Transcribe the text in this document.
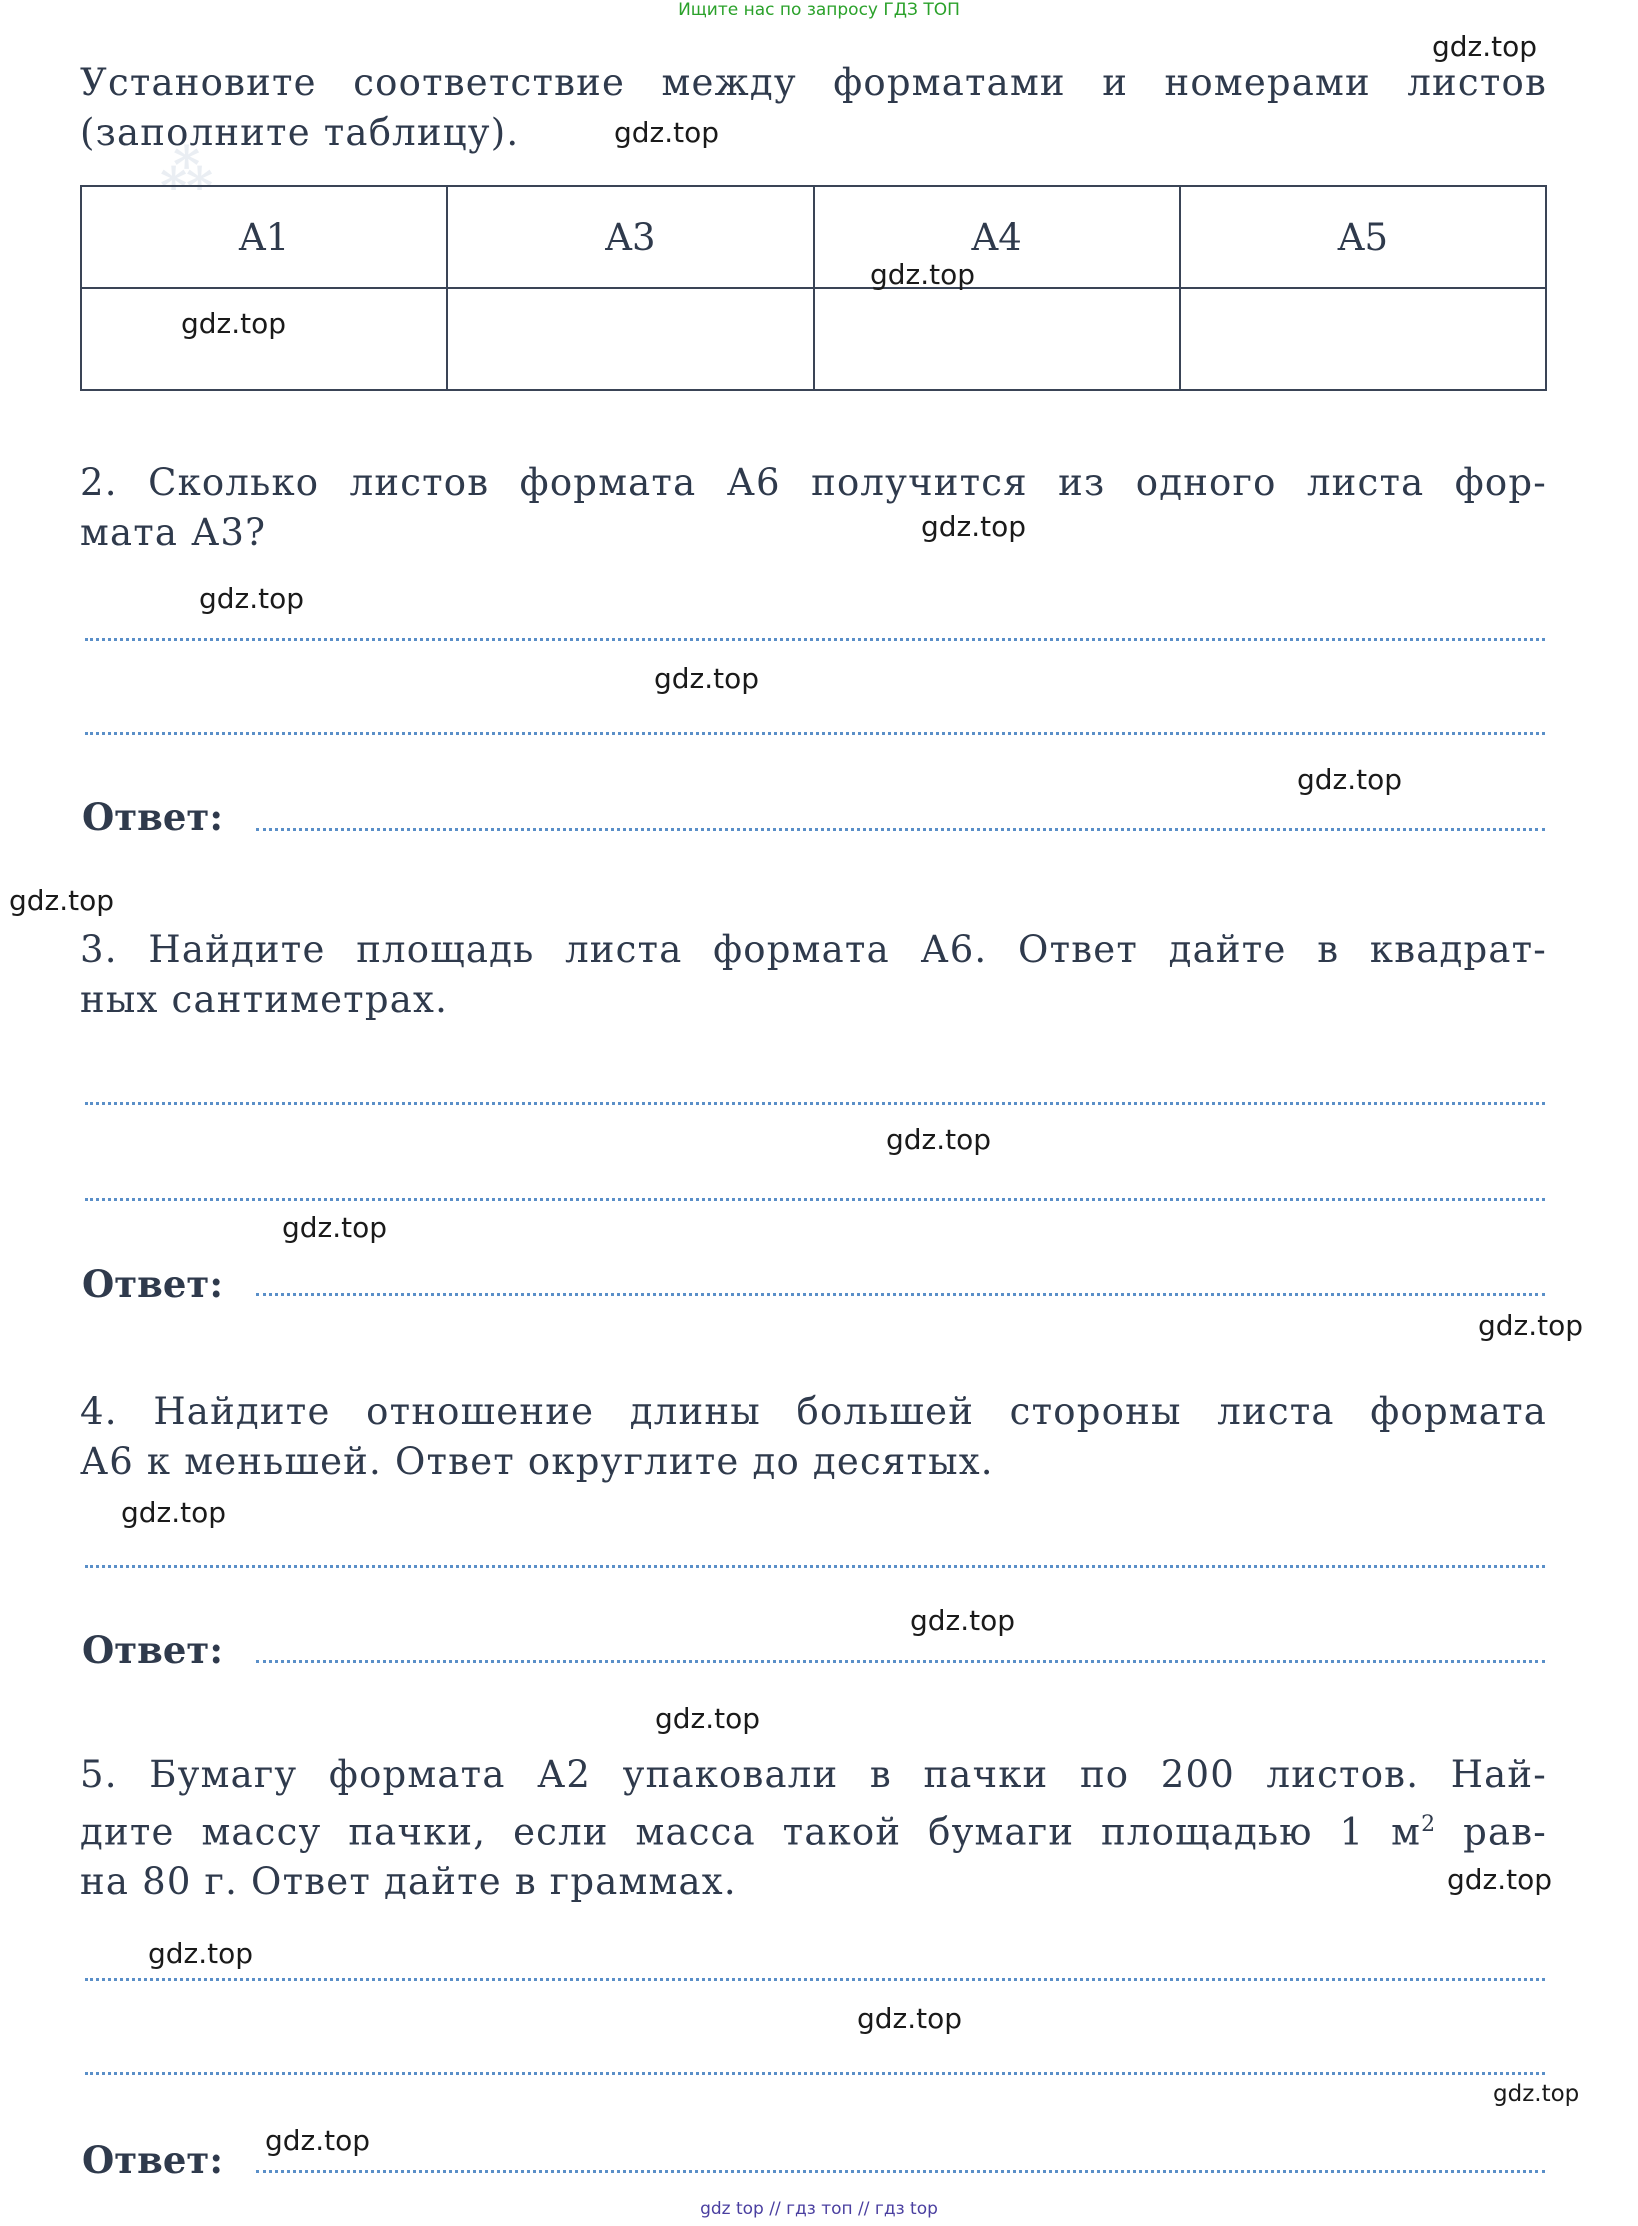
Ищите нас по запросу ГДЗ ТОП
⁂
Установите соответствие между форматами и номерами листов
(заполните таблицу).
A1	A3	A4	A5

2. Сколько листов формата А6 получится из одного листа фор-
мата А3?
Ответ:
3. Найдите площадь листа формата А6. Ответ дайте в квадрат-
ных сантиметрах.
Ответ:
4. Найдите отношение длины большей стороны листа формата
А6 к меньшей. Ответ округлите до десятых.
Ответ:
5. Бумагу формата А2 упаковали в пачки по 200 листов. Най-
дите массу пачки, если масса такой бумаги площадью 1 $м^2$ рав-
на 80 г. Ответ дайте в граммах.
Ответ:
gdz.top
gdz.top
gdz.top
gdz.top
gdz.top
gdz.top
gdz.top
gdz.top
gdz.top
gdz.top
gdz.top
gdz.top
gdz.top
gdz.top
gdz.top
gdz.top
gdz.top
gdz.top
gdz.top
gdz.top
gdz top // гдз топ // гдз top
